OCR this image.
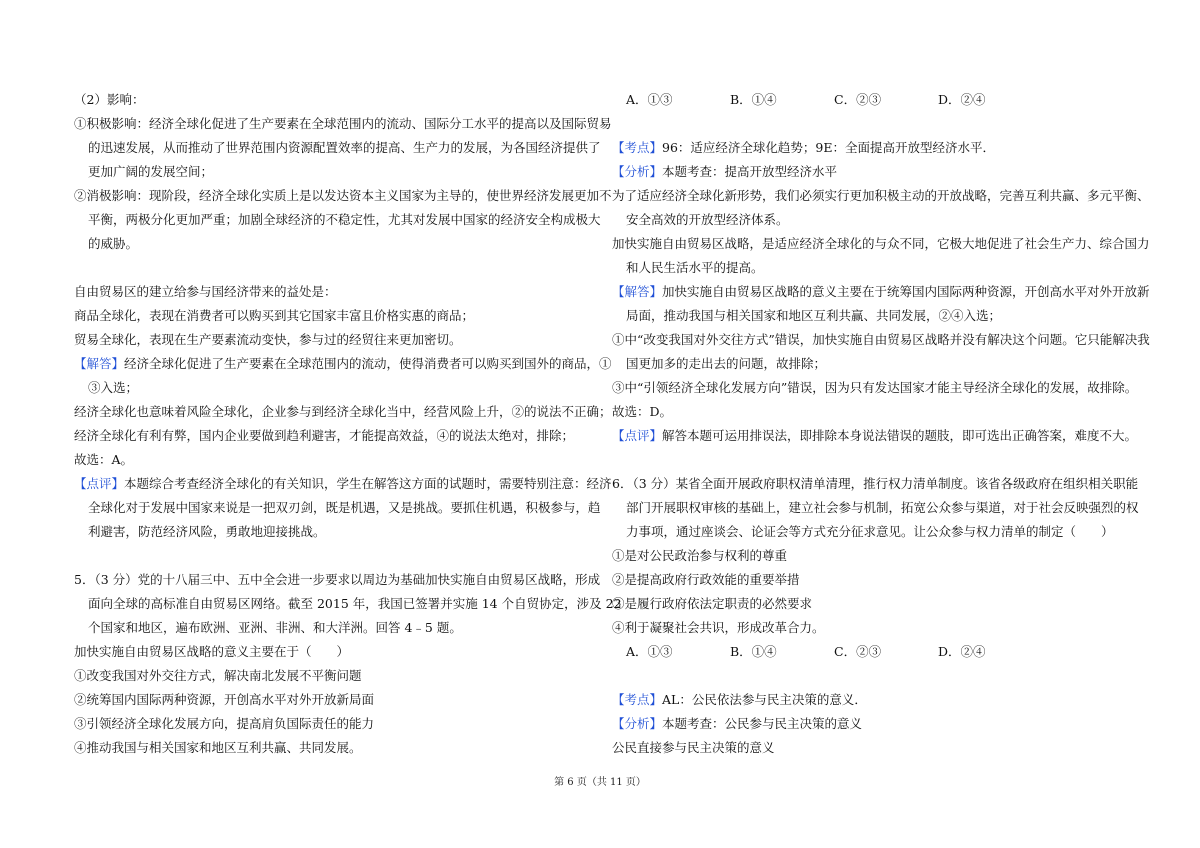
（2）影响：

①积极影响：经济全球化促进了生产要素在全球范围内的流动、国际分工水平的提高以及国际贸易

的迅速发展，从而推动了世界范围内资源配置效率的提高、生产力的发展，为各国经济提供了

更加广阔的发展空间；

②消极影响：现阶段，经济全球化实质上是以发达资本主义国家为主导的，使世界经济发展更加不

平衡，两极分化更加严重；加剧全球经济的不稳定性，尤其对发展中国家的经济安全构成极大

的威胁。

自由贸易区的建立给参与国经济带来的益处是：

商品全球化，表现在消费者可以购买到其它国家丰富且价格实惠的商品；

贸易全球化，表现在生产要素流动变快，参与过的经贸往来更加密切。

【解答】经济全球化促进了生产要素在全球范围内的流动，使得消费者可以购买到国外的商品，①

③入选；

经济全球化也意味着风险全球化，企业参与到经济全球化当中，经营风险上升，②的说法不正确；

经济全球化有利有弊，国内企业要做到趋利避害，才能提高效益，④的说法太绝对，排除；

故选：A。

【点评】本题综合考查经济全球化的有关知识，学生在解答这方面的试题时，需要特别注意：经济

全球化对于发展中国家来说是一把双刃剑，既是机遇，又是挑战。要抓住机遇，积极参与，趋

利避害，防范经济风险，勇敢地迎接挑战。

5．（3 分）党的十八届三中、五中全会进一步要求以周边为基础加快实施自由贸易区战略，形成

面向全球的高标准自由贸易区网络。截至 2015 年，我国已签署并实施 14 个自贸协定，涉及 22

个国家和地区，遍布欧洲、亚洲、非洲、和大洋洲。回答 4﹣5 题。

加快实施自由贸易区战略的意义主要在于（　　）

①改变我国对外交往方式，解决南北发展不平衡问题

②统筹国内国际两种资源，开创高水平对外开放新局面

③引领经济全球化发展方向，提高肩负国际责任的能力

④推动我国与相关国家和地区互利共赢、共同发展。

A．①③	B．①④	C．②③	D．②④

【考点】96：适应经济全球化趋势；9E：全面提高开放型经济水平．

【分析】本题考查：提高开放型经济水平

为了适应经济全球化新形势，我们必须实行更加积极主动的开放战略，完善互利共赢、多元平衡、

安全高效的开放型经济体系。

加快实施自由贸易区战略，是适应经济全球化的与众不同，它极大地促进了社会生产力、综合国力

和人民生活水平的提高。

【解答】加快实施自由贸易区战略的意义主要在于统筹国内国际两种资源，开创高水平对外开放新

局面，推动我国与相关国家和地区互利共赢、共同发展，②④入选；

①中“改变我国对外交往方式”错误，加快实施自由贸易区战略并没有解决这个问题。它只能解决我

国更加多的走出去的问题，故排除；

③中“引领经济全球化发展方向”错误，因为只有发达国家才能主导经济全球化的发展，故排除。

故选：D。

【点评】解答本题可运用排误法，即排除本身说法错误的题肢，即可选出正确答案，难度不大。

6．（3 分）某省全面开展政府职权清单清理，推行权力清单制度。该省各级政府在组织相关职能

部门开展职权审核的基础上，建立社会参与机制，拓宽公众参与渠道，对于社会反映强烈的权

力事项，通过座谈会、论证会等方式充分征求意见。让公众参与权力清单的制定（　　）

①是对公民政治参与权利的尊重

②是提高政府行政效能的重要举措

③是履行政府依法定职责的必然要求

④利于凝聚社会共识，形成改革合力。

A．①③	B．①④	C．②③	D．②④

【考点】AL：公民依法参与民主决策的意义．

【分析】本题考查：公民参与民主决策的意义

公民直接参与民主决策的意义

第 6 页（共 11 页）
